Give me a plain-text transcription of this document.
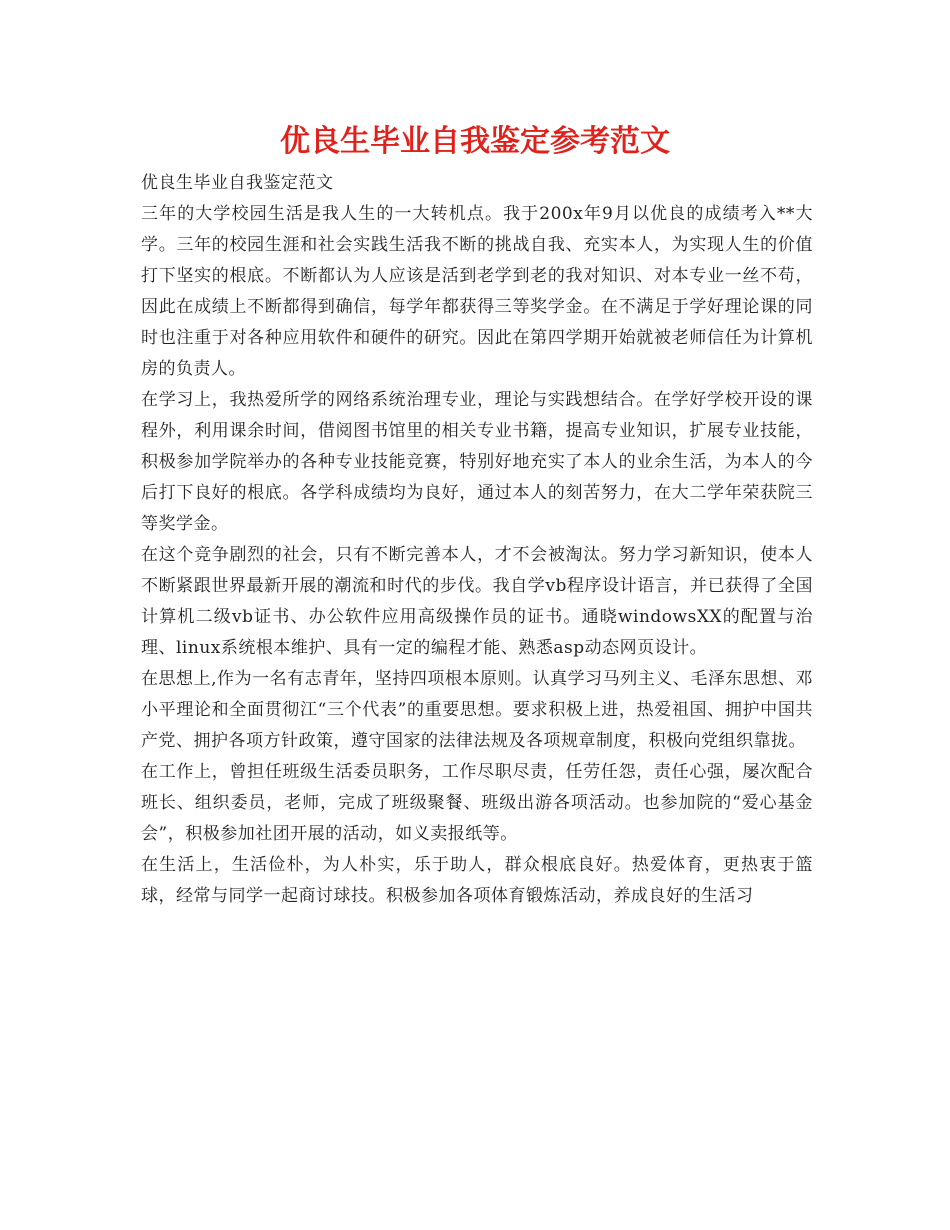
优良生毕业自我鉴定参考范文

优良生毕业自我鉴定范文

三年的大学校园生活是我人生的一大转机点。我于200x年9月以优良的成绩考入**大学。三年的校园生涯和社会实践生活我不断的挑战自我、充实本人，为实现人生的价值打下坚实的根底。不断都认为人应该是活到老学到老的我对知识、对本专业一丝不苟，因此在成绩上不断都得到确信，每学年都获得三等奖学金。在不满足于学好理论课的同时也注重于对各种应用软件和硬件的研究。因此在第四学期开始就被老师信任为计算机房的负责人。

在学习上，我热爱所学的网络系统治理专业，理论与实践想结合。在学好学校开设的课程外，利用课余时间，借阅图书馆里的相关专业书籍，提高专业知识，扩展专业技能，积极参加学院举办的各种专业技能竞赛，特别好地充实了本人的业余生活，为本人的今后打下良好的根底。各学科成绩均为良好，通过本人的刻苦努力，在大二学年荣获院三等奖学金。

在这个竞争剧烈的社会，只有不断完善本人，才不会被淘汰。努力学习新知识，使本人不断紧跟世界最新开展的潮流和时代的步伐。我自学vb程序设计语言，并已获得了全国计算机二级vb证书、办公软件应用高级操作员的证书。通晓windowsXX的配置与治理、linux系统根本维护、具有一定的编程才能、熟悉asp动态网页设计。

在思想上,作为一名有志青年，坚持四项根本原则。认真学习马列主义、毛泽东思想、邓小平理论和全面贯彻江“三个代表”的重要思想。要求积极上进，热爱祖国、拥护中国共产党、拥护各项方针政策，遵守国家的法律法规及各项规章制度，积极向党组织靠拢。

在工作上，曾担任班级生活委员职务，工作尽职尽责，任劳任怨，责任心强，屡次配合班长、组织委员，老师，完成了班级聚餐、班级出游各项活动。也参加院的“爱心基金会”，积极参加社团开展的活动，如义卖报纸等。

在生活上，生活俭朴，为人朴实，乐于助人，群众根底良好。热爱体育，更热衷于篮球，经常与同学一起商讨球技。积极参加各项体育锻炼活动，养成良好的生活习
